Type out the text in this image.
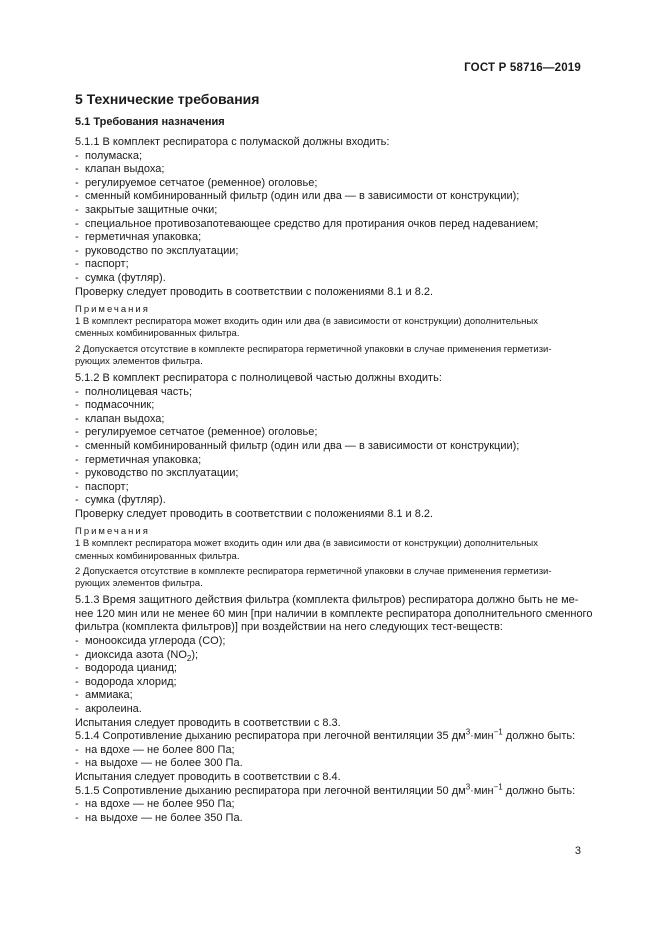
ГОСТ Р 58716—2019
5 Технические требования
5.1 Требования назначения
5.1.1 В комплект респиратора с полумаской должны входить:
- полумаска;
- клапан выдоха;
- регулируемое сетчатое (ременное) оголовье;
- сменный комбинированный фильтр (один или два — в зависимости от конструкции);
- закрытые защитные очки;
- специальное противозапотевающее средство для протирания очков перед надеванием;
- герметичная упаковка;
- руководство по эксплуатации;
- паспорт;
- сумка (футляр).
Проверку следует проводить в соответствии с положениями 8.1 и 8.2.
Примечания
1 В комплект респиратора может входить один или два (в зависимости от конструкции) дополнительных
сменных комбинированных фильтра.
2 Допускается отсутствие в комплекте респиратора герметичной упаковки в случае применения герметизи-
рующих элементов фильтра.
5.1.2 В комплект респиратора с полнолицевой частью должны входить:
- полнолицевая часть;
- подмасочник;
- клапан выдоха;
- регулируемое сетчатое (ременное) оголовье;
- сменный комбинированный фильтр (один или два — в зависимости от конструкции);
- герметичная упаковка;
- руководство по эксплуатации;
- паспорт;
- сумка (футляр).
Проверку следует проводить в соответствии с положениями 8.1 и 8.2.
Примечания
1 В комплект респиратора может входить один или два (в зависимости от конструкции) дополнительных
сменных комбинированных фильтра.
2 Допускается отсутствие в комплекте респиратора герметичной упаковки в случае применения герметизи-
рующих элементов фильтра.
5.1.3 Время защитного действия фильтра (комплекта фильтров) респиратора должно быть не ме-
нее 120 мин или не менее 60 мин [при наличии в комплекте респиратора дополнительного сменного
фильтра (комплекта фильтров)] при воздействии на него следующих тест-веществ:
- монооксида углерода (CO);
- диоксида азота $(NO_2)$;
- водорода цианид;
- водорода хлорид;
- аммиака;
- акролеина.
Испытания следует проводить в соответствии с 8.3.
5.1.4 Сопротивление дыханию респиратора при легочной вентиляции 35 $дм^3\cdot мин^{-1}$ должно быть:
- на вдохе — не более 800 Па;
- на выдохе — не более 300 Па.
Испытания следует проводить в соответствии с 8.4.
5.1.5 Сопротивление дыханию респиратора при легочной вентиляции 50 $дм^3\cdot мин^{-1}$ должно быть:
- на вдохе — не более 950 Па;
- на выдохе — не более 350 Па.
3
